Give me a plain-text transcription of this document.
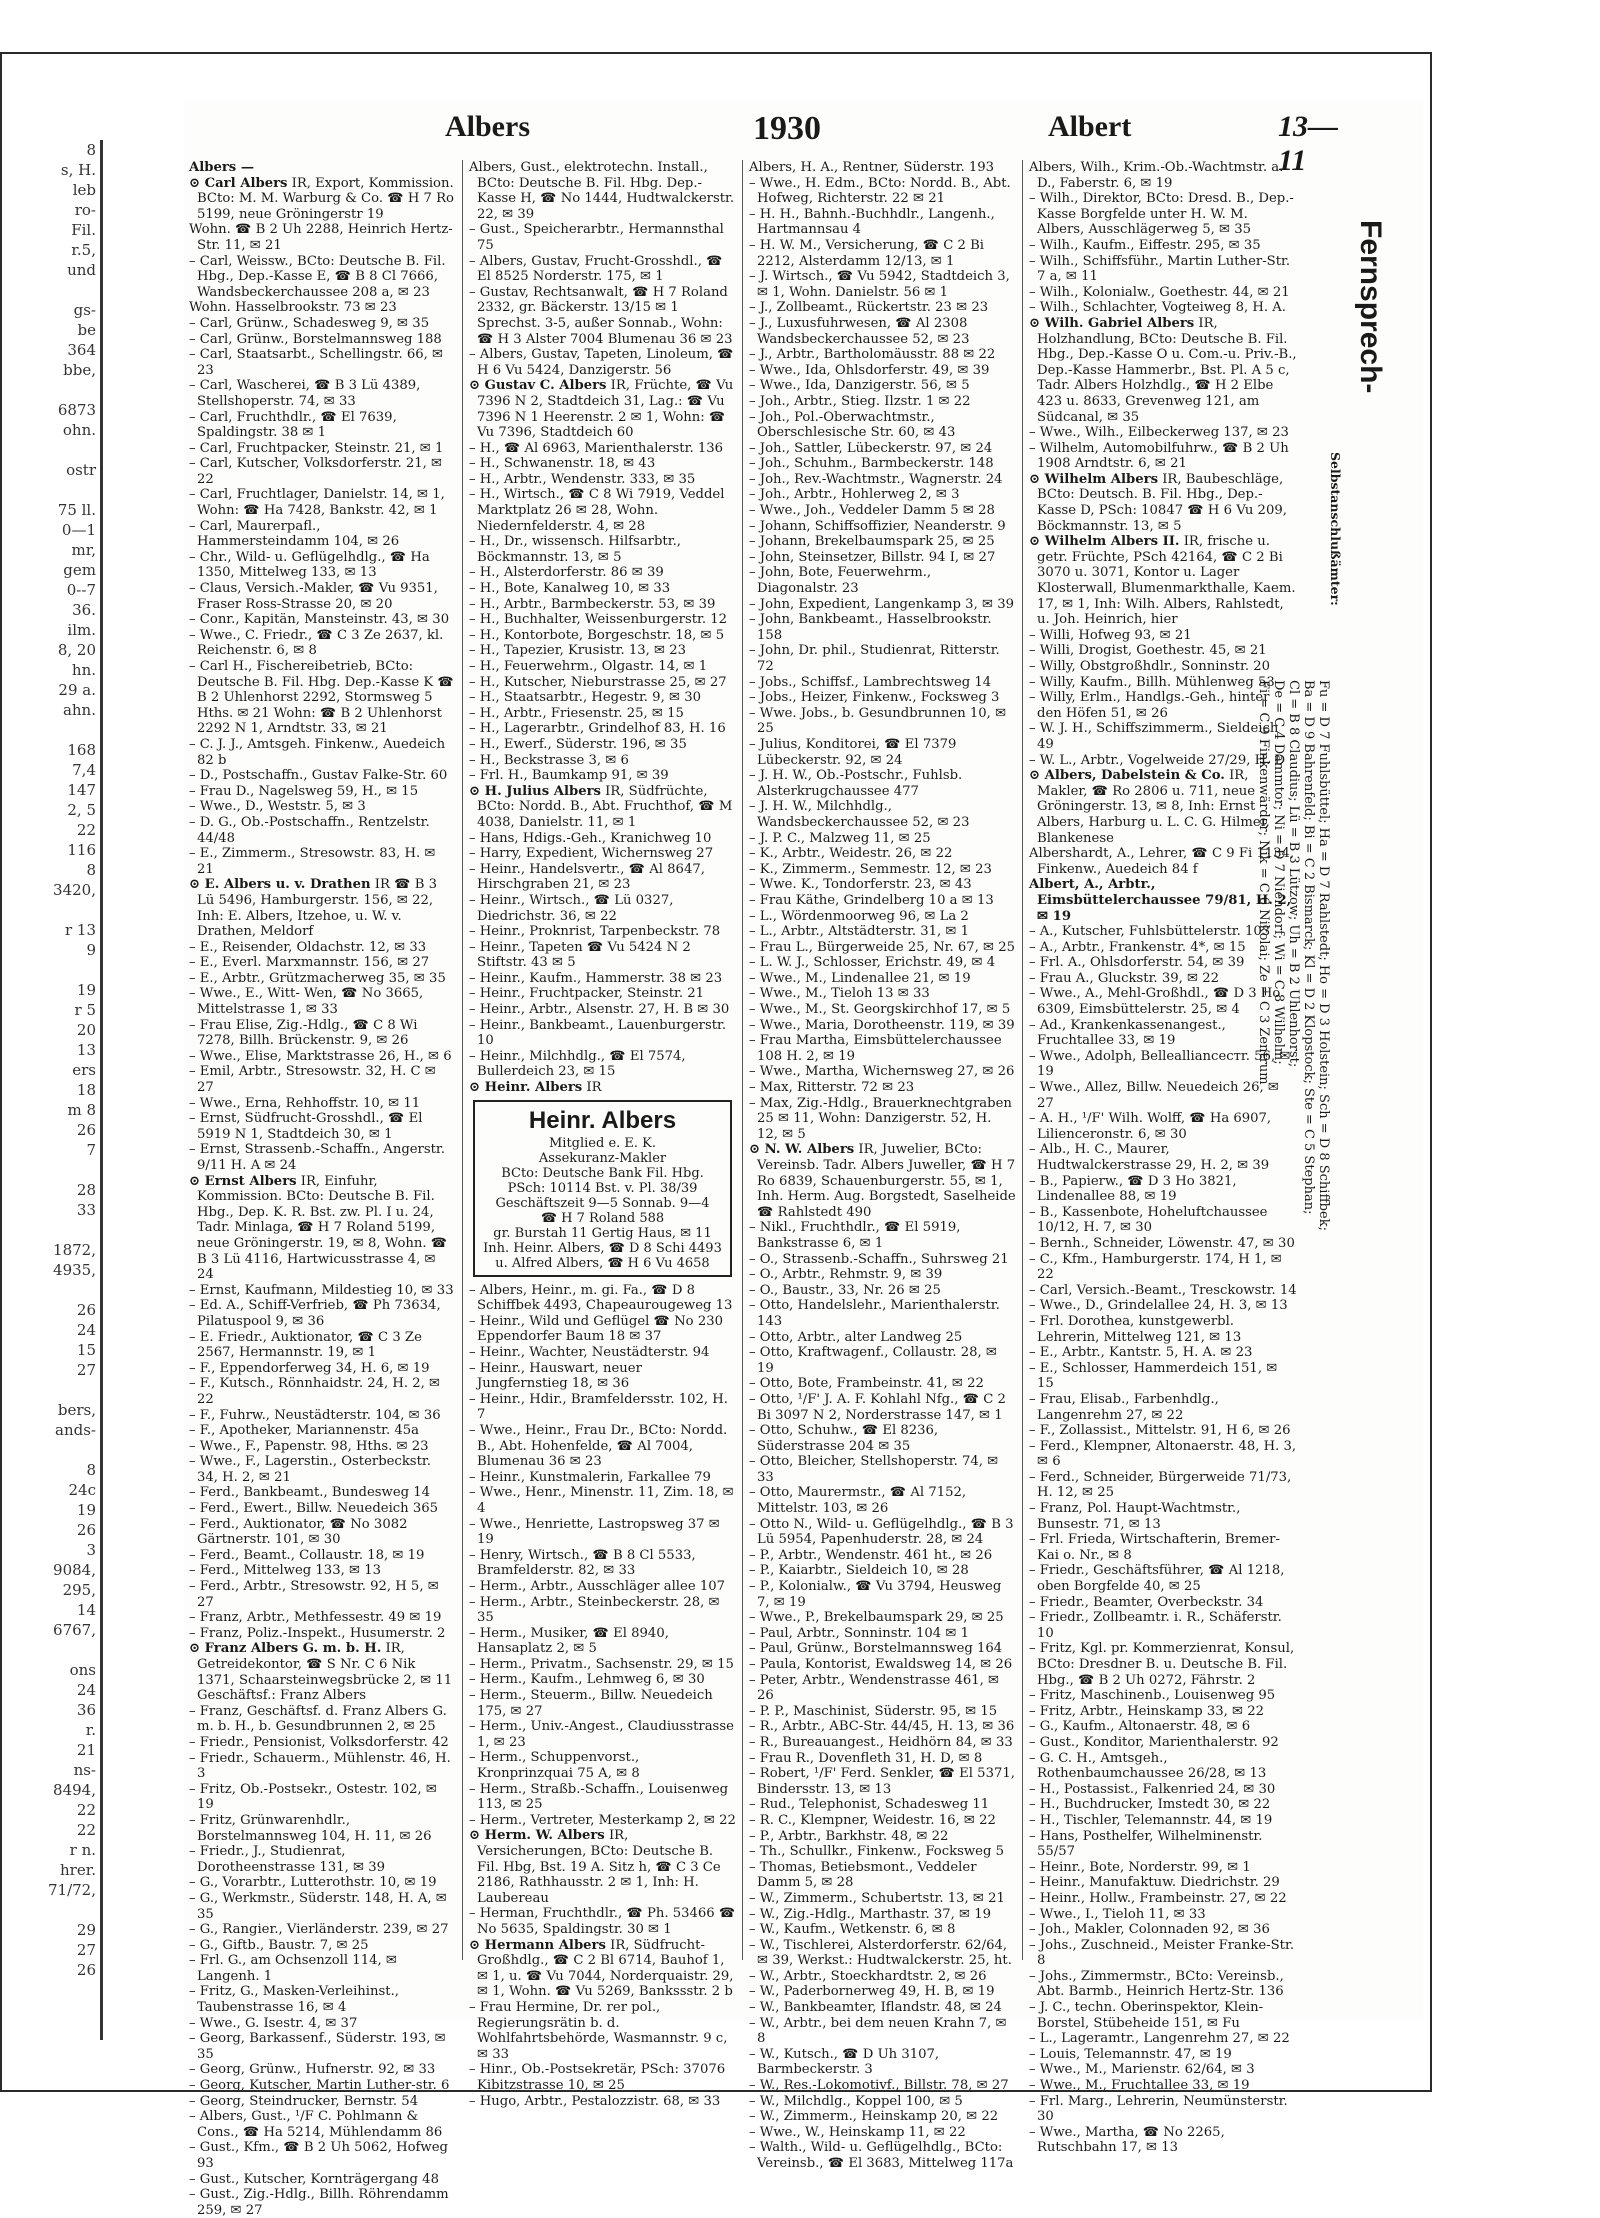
8
s, H.
leb
ro-
Fil.
r.5,
und

gs-
be
364
bbe,

6873
ohn.

ostr

75 ll.
0—1
mr,
gem
0--7
36.
ilm.
8, 20
hn.
29 a.
ahn.

168
7,4
147
2, 5
22
116
8
3420,

r 13
9

19
r 5
20
13
ers
18
m 8
26
7

28
33

1872,
4935,

26
24
15
27

bers,
ands-

8
24c
19
26
3
9084,
295,
14
6767,

ons
24
36
r.
21
ns-
8494,
22
22
r n.
hrer.
71/72,

29
27
26
Albers	1930	Albert	13—11

Albers —

⊙ Carl Albers IR, Export, Kommission. BCto: M. M. Warburg & Co. ☎ H 7 Ro 5199, neue Gröningerstr 19

Wohn. ☎ B 2 Uh 2288, Heinrich Hertz-Str. 11, ✉ 21

– Carl, Weissw., BCto: Deutsche B. Fil. Hbg., Dep.-Kasse E, ☎ B 8 Cl 7666, Wandsbeckerchaussee 208 a, ✉ 23

Wohn. Hasselbrookstr. 73 ✉ 23

– Carl, Grünw., Schadesweg 9, ✉ 35

– Carl, Grünw., Borstelmannsweg 188

– Carl, Staatsarbt., Schellingstr. 66, ✉ 23

– Carl, Wascherei, ☎ B 3 Lü 4389, Stellshoperstr. 74, ✉ 33

– Carl, Fruchthdlr., ☎ El 7639, Spaldingstr. 38 ✉ 1

– Carl, Fruchtpacker, Steinstr. 21, ✉ 1

– Carl, Kutscher, Volksdorferstr. 21, ✉ 22

– Carl, Fruchtlager, Danielstr. 14, ✉ 1, Wohn: ☎ Ha 7428, Bankstr. 42, ✉ 1

– Carl, Maurerpafl., Hammersteindamm 104, ✉ 26

– Chr., Wild- u. Geflügelhdlg., ☎ Ha 1350, Mittelweg 133, ✉ 13

– Claus, Versich.-Makler, ☎ Vu 9351, Fraser Ross-Strasse 20, ✉ 20

– Conr., Kapitän, Mansteinstr. 43, ✉ 30

– Wwe., C. Friedr., ☎ C 3 Ze 2637, kl. Reichenstr. 6, ✉ 8

– Carl H., Fischereibetrieb, BCto: Deutsche B. Fil. Hbg. Dep.-Kasse K ☎ B 2 Uhlenhorst 2292, Stormsweg 5 Hths. ✉ 21 Wohn: ☎ B 2 Uhlenhorst 2292 N 1, Arndtstr. 33, ✉ 21

– C. J. J., Amtsgeh. Finkenw., Auedeich 82 b

– D., Postschaffn., Gustav Falke-Str. 60

– Frau D., Nagelsweg 59, H., ✉ 15

– Wwe., D., Weststr. 5, ✉ 3

– D. G., Ob.-Postschaffn., Rentzelstr. 44/48

– E., Zimmerm., Stresowstr. 83, H. ✉ 21

⊙ E. Albers u. v. Drathen IR ☎ B 3 Lü 5496, Hamburgerstr. 156, ✉ 22, Inh: E. Albers, Itzehoe, u. W. v. Drathen, Meldorf

– E., Reisender, Oldachstr. 12, ✉ 33

– E., Everl. Marxmannstr. 156, ✉ 27

– E., Arbtr., Grützmacherweg 35, ✉ 35

– Wwe., E., Witt- Wen, ☎ No 3665, Mittelstrasse 1, ✉ 33

– Frau Elise, Zig.-Hdlg., ☎ C 8 Wi 7278, Billh. Brückenstr. 9, ✉ 26

– Wwe., Elise, Marktstrasse 26, H., ✉ 6

– Emil, Arbtr., Stresowstr. 32, H. C ✉ 27

– Wwe., Erna, Rehhoffstr. 10, ✉ 11

– Ernst, Südfrucht-Grosshdl., ☎ El 5919 N 1, Stadtdeich 30, ✉ 1

– Ernst, Strassenb.-Schaffn., Angerstr. 9/11 H. A ✉ 24

⊙ Ernst Albers IR, Einfuhr, Kommission. BCto: Deutsche B. Fil. Hbg., Dep. K. R. Bst. zw. Pl. I u. 24, Tadr. Minlaga, ☎ H 7 Roland 5199, neue Gröningerstr. 19, ✉ 8, Wohn. ☎ B 3 Lü 4116, Hartwicusstrasse 4, ✉ 24

– Ernst, Kaufmann, Mildestieg 10, ✉ 33

– Ed. A., Schiff-Verfrieb, ☎ Ph 73634, Pilatuspool 9, ✉ 36

– E. Friedr., Auktionator, ☎ C 3 Ze 2567, Hermannstr. 19, ✉ 1

– F., Eppendorferweg 34, H. 6, ✉ 19

– F., Kutsch., Rönnhaidstr. 24, H. 2, ✉ 22

– F., Fuhrw., Neustädterstr. 104, ✉ 36

– F., Apotheker, Mariannenstr. 45a

– Wwe., F., Papenstr. 98, Hths. ✉ 23

– Wwe., F., Lagerstin., Osterbeckstr. 34, H. 2, ✉ 21

– Ferd., Bankbeamt., Bundesweg 14

– Ferd., Ewert., Billw. Neuedeich 365

– Ferd., Auktionator, ☎ No 3082 Gärtnerstr. 101, ✉ 30

– Ferd., Beamt., Collaustr. 18, ✉ 19

– Ferd., Mittelweg 133, ✉ 13

– Ferd., Arbtr., Stresowstr. 92, H 5, ✉ 27

– Franz, Arbtr., Methfessestr. 49 ✉ 19

– Franz, Poliz.-Inspekt., Husumerstr. 2

⊙ Franz Albers G. m. b. H. IR, Getreidekontor, ☎ S Nr. C 6 Nik 1371, Schaarsteinwegsbrücke 2, ✉ 11 Geschäftsf.: Franz Albers

– Franz, Geschäftsf. d. Franz Albers G. m. b. H., b. Gesundbrunnen 2, ✉ 25

– Friedr., Pensionist, Volksdorferstr. 42

– Friedr., Schauerm., Mühlenstr. 46, H. 3

– Fritz, Ob.-Postsekr., Ostestr. 102, ✉ 19

– Fritz, Grünwarenhdlr., Borstelmannsweg 104, H. 11, ✉ 26

– Friedr., J., Studienrat, Dorotheenstrasse 131, ✉ 39

– G., Vorarbtr., Lutterothstr. 10, ✉ 19

– G., Werkmstr., Süderstr. 148, H. A, ✉ 35

– G., Rangier., Vierländerstr. 239, ✉ 27

– G., Giftb., Baustr. 7, ✉ 25

– Frl. G., am Ochsenzoll 114, ✉ Langenh. 1

– Fritz, G., Masken-Verleihinst., Taubenstrasse 16, ✉ 4

– Wwe., G. Isestr. 4, ✉ 37

– Georg, Barkassenf., Süderstr. 193, ✉ 35

– Georg, Grünw., Hufnerstr. 92, ✉ 33

– Georg, Kutscher, Martin Luther-str. 6

– Georg, Steindrucker, Bernstr. 54

– Albers, Gust., ¹/F C. Pohlmann & Cons., ☎ Ha 5214, Mühlendamm 86

– Gust., Kfm., ☎ B 2 Uh 5062, Hofweg 93

– Gust., Kutscher, Kornträgergang 48

– Gust., Zig.-Hdlg., Billh. Röhrendamm 259, ✉ 27

Albers, Gust., elektrotechn. Install., BCto: Deutsche B. Fil. Hbg. Dep.-Kasse H, ☎ No 1444, Hudtwalckerstr. 22, ✉ 39

– Gust., Speicherarbtr., Hermannsthal 75

– Albers, Gustav, Frucht-Grosshdl., ☎ El 8525 Norderstr. 175, ✉ 1

– Gustav, Rechtsanwalt, ☎ H 7 Roland 2332, gr. Bäckerstr. 13/15 ✉ 1 Sprechst. 3-5, außer Sonnab., Wohn: ☎ H 3 Alster 7004 Blumenau 36 ✉ 23

– Albers, Gustav, Tapeten, Linoleum, ☎ H 6 Vu 5424, Danzigerstr. 56

⊙ Gustav C. Albers IR, Früchte, ☎ Vu 7396 N 2, Stadtdeich 31, Lag.: ☎ Vu 7396 N 1 Heerenstr. 2 ✉ 1, Wohn: ☎ Vu 7396, Stadtdeich 60

– H., ☎ Al 6963, Marienthalerstr. 136

– H., Schwanenstr. 18, ✉ 43

– H., Arbtr., Wendenstr. 333, ✉ 35

– H., Wirtsch., ☎ C 8 Wi 7919, Veddel Marktplatz 26 ✉ 28, Wohn. Niedernfelderstr. 4, ✉ 28

– H., Dr., wissensch. Hilfsarbtr., Böckmannstr. 13, ✉ 5

– H., Alsterdorferstr. 86 ✉ 39

– H., Bote, Kanalweg 10, ✉ 33

– H., Arbtr., Barmbeckerstr. 53, ✉ 39

– H., Buchhalter, Weissenburgerstr. 12

– H., Kontorbote, Borgeschstr. 18, ✉ 5

– H., Tapezier, Krusistr. 13, ✉ 23

– H., Feuerwehrm., Olgastr. 14, ✉ 1

– H., Kutscher, Nieburstrasse 25, ✉ 27

– H., Staatsarbtr., Hegestr. 9, ✉ 30

– H., Arbtr., Friesenstr. 25, ✉ 15

– H., Lagerarbtr., Grindelhof 83, H. 16

– H., Ewerf., Süderstr. 196, ✉ 35

– H., Beckstrasse 3, ✉ 6

– Frl. H., Baumkamp 91, ✉ 39

⊙ H. Julius Albers IR, Südfrüchte, BCto: Nordd. B., Abt. Fruchthof, ☎ M 4038, Danielstr. 11, ✉ 1

– Hans, Hdigs.-Geh., Kranichweg 10

– Harry, Expedient, Wichernsweg 27

– Heinr., Handelsvertr., ☎ Al 8647, Hirschgraben 21, ✉ 23

– Heinr., Wirtsch., ☎ Lü 0327, Diedrichstr. 36, ✉ 22

– Heinr., Proknrist, Tarpenbeckstr. 78

– Heinr., Tapeten ☎ Vu 5424 N 2 Stiftstr. 43 ✉ 5

– Heinr., Kaufm., Hammerstr. 38 ✉ 23

– Heinr., Fruchtpacker, Steinstr. 21

– Heinr., Arbtr., Alsenstr. 27, H. B ✉ 30

– Heinr., Bankbeamt., Lauenburgerstr. 10

– Heinr., Milchhdlg., ☎ El 7574, Bullerdeich 23, ✉ 15

⊙ Heinr. Albers IR

Heinr. Albers
Mitglied e. E. K.
Assekuranz-Makler
BCto: Deutsche Bank Fil. Hbg.
PSch: 10114 Bst. v. Pl. 38/39
Geschäftszeit 9—5 Sonnab. 9—4
☎ H 7 Roland 588
gr. Burstah 11 Gertig Haus, ✉ 11
Inh. Heinr. Albers, ☎ D 8 Schi 4493
u. Alfred Albers, ☎ H 6 Vu 4658

– Albers, Heinr., m. gi. Fa., ☎ D 8 Schiffbek 4493, Chapeaurougeweg 13

– Heinr., Wild und Geflügel ☎ No 230 Eppendorfer Baum 18 ✉ 37

– Heinr., Wachter, Neustädterstr. 94

– Heinr., Hauswart, neuer Jungfernstieg 18, ✉ 36

– Heinr., Hdir., Bramfeldersstr. 102, H. 7

– Wwe., Heinr., Frau Dr., BCto: Nordd. B., Abt. Hohenfelde, ☎ Al 7004, Blumenau 36 ✉ 23

– Heinr., Kunstmalerin, Farkallee 79

– Wwe., Henr., Minenstr. 11, Zim. 18, ✉ 4

– Wwe., Henriette, Lastropsweg 37 ✉ 19

– Henry, Wirtsch., ☎ B 8 Cl 5533, Bramfelderstr. 82, ✉ 33

– Herm., Arbtr., Ausschläger allee 107

– Herm., Arbtr., Steinbeckerstr. 28, ✉ 35

– Herm., Musiker, ☎ El 8940, Hansaplatz 2, ✉ 5

– Herm., Privatm., Sachsenstr. 29, ✉ 15

– Herm., Kaufm., Lehmweg 6, ✉ 30

– Herm., Steuerm., Billw. Neuedeich 175, ✉ 27

– Herm., Univ.-Angest., Claudiusstrasse 1, ✉ 23

– Herm., Schuppenvorst., Kronprinzquai 75 A, ✉ 8

– Herm., Straßb.-Schaffn., Louisenweg 113, ✉ 25

– Herm., Vertreter, Mesterkamp 2, ✉ 22

⊙ Herm. W. Albers IR, Versicherungen, BCto: Deutsche B. Fil. Hbg, Bst. 19 A. Sitz h, ☎ C 3 Ce 2186, Rathhausstr. 2 ✉ 1, Inh: H. Laubereau

– Herman, Fruchthdlr., ☎ Ph. 53466 ☎ No 5635, Spaldingstr. 30 ✉ 1

⊙ Hermann Albers IR, Südfrucht-Großhdlg., ☎ C 2 Bl 6714, Bauhof 1, ✉ 1, u. ☎ Vu 7044, Norderquaistr. 29, ✉ 1, Wohn. ☎ Vu 5269, Bankssstr. 2 b

– Frau Hermine, Dr. rer pol., Regierungsrätin b. d. Wohlfahrtsbehörde, Wasmannstr. 9 c, ✉ 33

– Hinr., Ob.-Postsekretär, PSch: 37076 Kibitzstrasse 10, ✉ 25

– Hugo, Arbtr., Pestalozzistr. 68, ✉ 33

Albers, H. A., Rentner, Süderstr. 193

– Wwe., H. Edm., BCto: Nordd. B., Abt. Hofweg, Richterstr. 22 ✉ 21

– H. H., Bahnh.-Buchhdlr., Langenh., Hartmannsau 4

– H. W. M., Versicherung, ☎ C 2 Bi 2212, Alsterdamm 12/13, ✉ 1

– J. Wirtsch., ☎ Vu 5942, Stadtdeich 3, ✉ 1, Wohn. Danielstr. 56 ✉ 1

– J., Zollbeamt., Rückertstr. 23 ✉ 23

– J., Luxusfuhrwesen, ☎ Al 2308 Wandsbeckerchaussee 52, ✉ 23

– J., Arbtr., Bartholomäusstr. 88 ✉ 22

– Wwe., Ida, Ohlsdorferstr. 49, ✉ 39

– Wwe., Ida, Danzigerstr. 56, ✉ 5

– Joh., Arbtr., Stieg. Ilzstr. 1 ✉ 22

– Joh., Pol.-Oberwachtmstr., Oberschlesische Str. 60, ✉ 43

– Joh., Sattler, Lübeckerstr. 97, ✉ 24

– Joh., Schuhm., Barmbeckerstr. 148

– Joh., Rev.-Wachtmstr., Wagnerstr. 24

– Joh., Arbtr., Hohlerweg 2, ✉ 3

– Wwe., Joh., Veddeler Damm 5 ✉ 28

– Johann, Schiffsoffizier, Neanderstr. 9

– Johann, Brekelbaumspark 25, ✉ 25

– John, Steinsetzer, Billstr. 94 I, ✉ 27

– John, Bote, Feuerwehrm., Diagonalstr. 23

– John, Expedient, Langenkamp 3, ✉ 39

– John, Bankbeamt., Hasselbrookstr. 158

– John, Dr. phil., Studienrat, Ritterstr. 72

– Jobs., Schiffsf., Lambrechtsweg 14

– Jobs., Heizer, Finkenw., Focksweg 3

– Wwe. Jobs., b. Gesundbrunnen 10, ✉ 25

– Julius, Konditorei, ☎ El 7379 Lübeckerstr. 92, ✉ 24

– J. H. W., Ob.-Postschr., Fuhlsb. Alsterkrugchaussee 477

– J. H. W., Milchhdlg., Wandsbeckerchaussee 52, ✉ 23

– J. P. C., Malzweg 11, ✉ 25

– K., Arbtr., Weidestr. 26, ✉ 22

– K., Zimmerm., Semmestr. 12, ✉ 23

– Wwe. K., Tondorferstr. 23, ✉ 43

– Frau Käthe, Grindelberg 10 a ✉ 13

– L., Wördenmoorweg 96, ✉ La 2

– L., Arbtr., Altstädterstr. 31, ✉ 1

– Frau L., Bürgerweide 25, Nr. 67, ✉ 25

– L. W. J., Schlosser, Erichstr. 49, ✉ 4

– Wwe., M., Lindenallee 21, ✉ 19

– Wwe., M., Tieloh 13 ✉ 33

– Wwe., M., St. Georgskirchhof 17, ✉ 5

– Wwe., Maria, Dorotheenstr. 119, ✉ 39

– Frau Martha, Eimsbüttelerchaussee 108 H. 2, ✉ 19

– Wwe., Martha, Wichernsweg 27, ✉ 26

– Max, Ritterstr. 72 ✉ 23

– Max, Zig.-Hdlg., Brauerknechtgraben 25 ✉ 11, Wohn: Danzigerstr. 52, H. 12, ✉ 5

⊙ N. W. Albers IR, Juwelier, BCto: Vereinsb. Tadr. Albers Juweller, ☎ H 7 Ro 6839, Schauenburgerstr. 55, ✉ 1, Inh. Herm. Aug. Borgstedt, Saselheide ☎ Rahlstedt 490

– Nikl., Fruchthdlr., ☎ El 5919, Bankstrasse 6, ✉ 1

– O., Strassenb.-Schaffn., Suhrsweg 21

– O., Arbtr., Rehmstr. 9, ✉ 39

– O., Baustr., 33, Nr. 26 ✉ 25

– Otto, Handelslehr., Marienthalerstr. 143

– Otto, Arbtr., alter Landweg 25

– Otto, Kraftwagenf., Collaustr. 28, ✉ 19

– Otto, Bote, Frambeinstr. 41, ✉ 22

– Otto, ¹/F' J. A. F. Kohlahl Nfg., ☎ C 2 Bi 3097 N 2, Norderstrasse 147, ✉ 1

– Otto, Schuhw., ☎ El 8236, Süderstrasse 204 ✉ 35

– Otto, Bleicher, Stellshoperstr. 74, ✉ 33

– Otto, Maurermstr., ☎ Al 7152, Mittelstr. 103, ✉ 26

– Otto N., Wild- u. Geflügelhdlg., ☎ B 3 Lü 5954, Papenhuderstr. 28, ✉ 24

– P., Arbtr., Wendenstr. 461 ht., ✉ 26

– P., Kaiarbtr., Sieldeich 10, ✉ 28

– P., Kolonialw., ☎ Vu 3794, Heusweg 7, ✉ 19

– Wwe., P., Brekelbaumspark 29, ✉ 25

– Paul, Arbtr., Sonninstr. 104 ✉ 1

– Paul, Grünw., Borstelmannsweg 164

– Paula, Kontorist, Ewaldsweg 14, ✉ 26

– Peter, Arbtr., Wendenstrasse 461, ✉ 26

– P. P., Maschinist, Süderstr. 95, ✉ 15

– R., Arbtr., ABC-Str. 44/45, H. 13, ✉ 36

– R., Bureauangest., Heidhörn 84, ✉ 33

– Frau R., Dovenfleth 31, H. D, ✉ 8

– Robert, ¹/F' Ferd. Senkler, ☎ El 5371, Bindersstr. 13, ✉ 13

– Rud., Telephonist, Schadesweg 11

– R. C., Klempner, Weidestr. 16, ✉ 22

– P., Arbtr., Barkhstr. 48, ✉ 22

– Th., Schullkr., Finkenw., Focksweg 5

– Thomas, Betiebsmont., Veddeler Damm 5, ✉ 28

– W., Zimmerm., Schubertstr. 13, ✉ 21

– W., Zig.-Hdlg., Marthastr. 37, ✉ 19

– W., Kaufm., Wetkenstr. 6, ✉ 8

– W., Tischlerei, Alsterdorferstr. 62/64, ✉ 39, Werkst.: Hudtwalckerstr. 25, ht.

– W., Arbtr., Stoeckhardtstr. 2, ✉ 26

– W., Paderbornerweg 49, H. B, ✉ 19

– W., Bankbeamter, Iflandstr. 48, ✉ 24

– W., Arbtr., bei dem neuen Krahn 7, ✉ 8

– W., Kutsch., ☎ D Uh 3107, Barmbeckerstr. 3

– W., Res.-Lokomotivf., Billstr. 78, ✉ 27

– W., Milchdlg., Koppel 100, ✉ 5

– W., Zimmerm., Heinskamp 20, ✉ 22

– Wwe., W., Heinskamp 11, ✉ 22

– Walth., Wild- u. Geflügelhdlg., BCto: Vereinsb., ☎ El 3683, Mittelweg 117a

Albers, Wilh., Krim.-Ob.-Wachtmstr. a. D., Faberstr. 6, ✉ 19

– Wilh., Direktor, BCto: Dresd. B., Dep.-Kasse Borgfelde unter H. W. M. Albers, Ausschlägerweg 5, ✉ 35

– Wilh., Kaufm., Eiffestr. 295, ✉ 35

– Wilh., Schiffsführ., Martin Luther-Str. 7 a, ✉ 11

– Wilh., Kolonialw., Goethestr. 44, ✉ 21

– Wilh., Schlachter, Vogteiweg 8, H. A.

⊙ Wilh. Gabriel Albers IR, Holzhandlung, BCto: Deutsche B. Fil. Hbg., Dep.-Kasse O u. Com.-u. Priv.-B., Dep.-Kasse Hammerbr., Bst. Pl. A 5 c, Tadr. Albers Holzhdlg., ☎ H 2 Elbe 423 u. 8633, Grevenweg 121, am Südcanal, ✉ 35

– Wwe., Wilh., Eilbeckerweg 137, ✉ 23

– Wilhelm, Automobilfuhrw., ☎ B 2 Uh 1908 Arndtstr. 6, ✉ 21

⊙ Wilhelm Albers IR, Baubeschläge, BCto: Deutsch. B. Fil. Hbg., Dep.-Kasse D, PSch: 10847 ☎ H 6 Vu 209, Böckmannstr. 13, ✉ 5

⊙ Wilhelm Albers II. IR, frische u. getr. Früchte, PSch 42164, ☎ C 2 Bi 3070 u. 3071, Kontor u. Lager Klosterwall, Blumenmarkthalle, Kaem. 17, ✉ 1, Inh: Wilh. Albers, Rahlstedt, u. Joh. Heinrich, hier

– Willi, Hofweg 93, ✉ 21

– Willi, Drogist, Goethestr. 45, ✉ 21

– Willy, Obstgroßhdlr., Sonninstr. 20

– Willy, Kaufm., Billh. Mühlenweg 53

– Willy, Erlm., Handlgs.-Geh., hinter den Höfen 51, ✉ 26

– W. J. H., Schiffszimmerm., Sieldeich 49

– W. L., Arbtr., Vogelweide 27/29, H. D

⊙ Albers, Dabelstein & Co. IR, Makler, ☎ Ro 2806 u. 711, neue Gröningerstr. 13, ✉ 8, Inh: Ernst Albers, Harburg u. L. C. G. Hilmer, Blankenese

Albershardt, A., Lehrer, ☎ C 9 Fi 1134, Finkenw., Auedeich 84 f

Albert, A., Arbtr., Eimsbüttelerchaussee 79/81, H. 2, ✉ 19

– A., Kutscher, Fuhlsbüttelerstr. 103

– A., Arbtr., Frankenstr. 4*, ✉ 15

– Frl. A., Ohlsdorferstr. 54, ✉ 39

– Frau A., Gluckstr. 39, ✉ 22

– Wwe., A., Mehl-Großhdl., ☎ D 3 Ho 6309, Eimsbüttelerstr. 25, ✉ 4

– Ad., Krankenkassenangest., Fruchtallee 33, ✉ 19

– Wwe., Adolph, Belleallianceстr. 56, ✉ 19

– Wwe., Allez, Billw. Neuedeich 26, ✉ 27

– A. H., ¹/F' Wilh. Wolff, ☎ Ha 6907, Lilienceronstr. 6, ✉ 30

– Alb., H. C., Maurer, Hudtwalckerstrasse 29, H. 2, ✉ 39

– B., Papierw., ☎ D 3 Ho 3821, Lindenallee 88, ✉ 19

– B., Kassenbote, Hoheluftchaussee 10/12, H. 7, ✉ 30

– Bernh., Schneider, Löwenstr. 47, ✉ 30

– C., Kfm., Hamburgerstr. 174, H 1, ✉ 22

– Carl, Versich.-Beamt., Tresckowstr. 14

– Wwe., D., Grindelallee 24, H. 3, ✉ 13

– Frl. Dorothea, kunstgewerbl. Lehrerin, Mittelweg 121, ✉ 13

– E., Arbtr., Kantstr. 5, H. A. ✉ 23

– E., Schlosser, Hammerdeich 151, ✉ 15

– Frau, Elisab., Farbenhdlg., Langenrehm 27, ✉ 22

– F., Zollassist., Mittelstr. 91, H 6, ✉ 26

– Ferd., Klempner, Altonaerstr. 48, H. 3, ✉ 6

– Ferd., Schneider, Bürgerweide 71/73, H. 12, ✉ 25

– Franz, Pol. Haupt-Wachtmstr., Bunsestr. 71, ✉ 13

– Frl. Frieda, Wirtschafterin, Bremer-Kai o. Nr., ✉ 8

– Friedr., Geschäftsführer, ☎ Al 1218, oben Borgfelde 40, ✉ 25

– Friedr., Beamter, Overbeckstr. 34

– Friedr., Zollbeamtr. i. R., Schäferstr. 10

– Fritz, Kgl. pr. Kommerzienrat, Konsul, BCto: Dresdner B. u. Deutsche B. Fil. Hbg., ☎ B 2 Uh 0272, Fährstr. 2

– Fritz, Maschinenb., Louisenweg 95

– Fritz, Arbtr., Heinskamp 33, ✉ 22

– G., Kaufm., Altonaerstr. 48, ✉ 6

– Gust., Konditor, Marienthalerstr. 92

– G. C. H., Amtsgeh., Rothenbaumchaussee 26/28, ✉ 13

– H., Postassist., Falkenried 24, ✉ 30

– H., Buchdrucker, Imstedt 30, ✉ 22

– H., Tischler, Telemannstr. 44, ✉ 19

– Hans, Posthelfer, Wilhelminenstr. 55/57

– Heinr., Bote, Norderstr. 99, ✉ 1

– Heinr., Manufaktuw. Diedrichstr. 29

– Heinr., Hollw., Frambeinstr. 27, ✉ 22

– Wwe., I., Tieloh 11, ✉ 33

– Joh., Makler, Colonnaden 92, ✉ 36

– Johs., Zuschneid., Meister Franke-Str. 8

– Johs., Zimmermstr., BCto: Vereinsb., Abt. Barmb., Heinrich Hertz-Str. 136

– J. C., techn. Oberinspektor, Klein-Borstel, Stübeheide 151, ✉ Fu

– L., Lageramtr., Langenrehm 27, ✉ 22

– Louis, Telemannstr. 47, ✉ 19

– Wwe., M., Marienstr. 62/64, ✉ 3

– Wwe., M., Fruchtallee 33, ✉ 19

– Frl. Marg., Lehrerin, Neumünsterstr. 30

– Wwe., Martha, ☎ No 2265, Rutschbahn 17, ✉ 13

Fernsprech-
Selbstanschlußämter:
Fu = D 7 Fuhlsbüttel; Ha = D 7 Rahlstedt; Ho = D 3 Holstein; Sch = D 8 Schiffbek;
Ba = D 9 Bahrenfeld; Bi = C 2 Bismarck; Kl = D 2 Klopstock; Ste = C 5 Stephan;
Cl = B 8 Claudius; Lü = B 3 Lützow; Uh = B 2 Uhlenhorst;
De = C 4 Dammtor; Ni = D 7 Niendorf; Wi = C 8 Wilhelm;
Fi = C 9 Finkenwärder; Nik = C 6 Nikolai; Ze = C 3 Zentrum
